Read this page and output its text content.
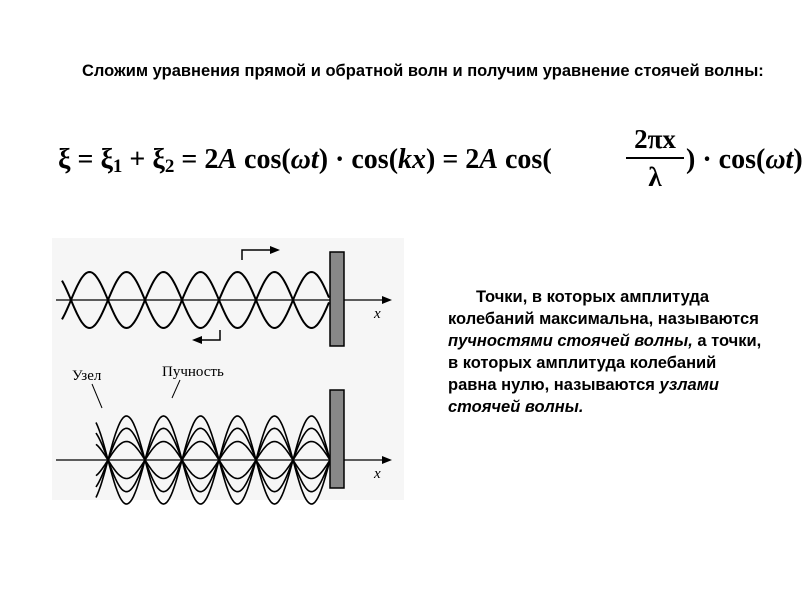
Сложим уравнения прямой и обратной волн и получим уравнение стоячей волны:

$\xi = \xi_1 + \xi_2 = 2A$ cos(ωt) · cos(kx) = 2A cos(	$\frac{2\pi x}{\lambda}$ ) · cos(ωt)
x
Узел	Пучность
x

Точки, в которых амплитуда колебаний максимальна, называются пучностями стоячей волны, а точки, в которых амплитуда колебаний равна нулю, называются узлами стоячей волны.
